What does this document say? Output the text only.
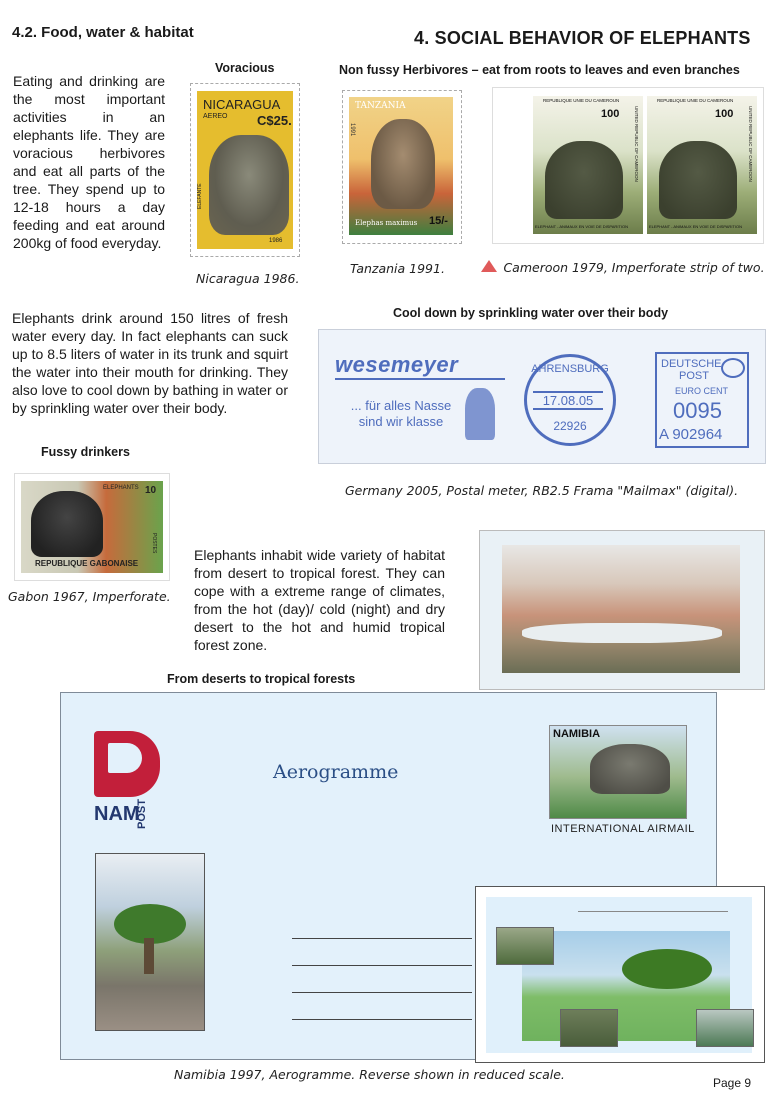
4.2. Food, water & habitat	4. SOCIAL BEHAVIOR OF ELEPHANTS
Voracious
Eating and drinking are the most important activities in an elephants life. They are voracious herbivores and eat all parts of the tree. They spend up to 12-18 hours a day feeding and eat around 200kg of food everyday.
NICARAGUA
AEREO C$25.
ELEFANTE
1986
Nicaragua 1986.
Non fussy Herbivores – eat from roots to leaves and even branches
TANZANIA
1991
Elephas maximus 15/-
Tanzania 1991.
REPUBLIQUE UNIE DU CAMEROUN
100	UNITED REPUBLIC OF CAMEROON
ELEPHANT - ANIMAUX EN VOIE DE DISPARITION
REPUBLIQUE UNIE DU CAMEROUN
100	UNITED REPUBLIC OF CAMEROON
ELEPHANT - ANIMAUX EN VOIE DE DISPARITION
Cameroon 1979, Imperforate strip of two.
Elephants drink around 150 litres of fresh water every day. In fact elephants can suck up to 8.5 liters of water in its trunk and squirt the water into their mouth for drinking. They also love to cool down by bathing in water or by sprinkling water over their body.
Fussy drinkers
ELEPHANTS 10
POSTES
REPUBLIQUE GABONAISE
Gabon 1967, Imperforate.
Cool down by sprinkling water over their body
wesemeyer
... für alles Nasse
sind wir klasse
AHRENSBURG
17.08.05
22926
DEUTSCHE
POST
EURO CENT
0095
A 902964
Germany 2005, Postal meter, RB2.5 Frama "Mailmax" (digital).
Elephants inhabit wide variety of habitat from desert to tropical forest. They can cope with a extreme range of climates, from the hot (day)/ cold (night) and dry desert to the hot and humid tropical forest zone.
From deserts to tropical forests
NAM
POST
Aerogramme
NAMIBIA
INTERNATIONAL AIRMAIL
Namibia 1997, Aerogramme. Reverse shown in reduced scale.
Page 9
